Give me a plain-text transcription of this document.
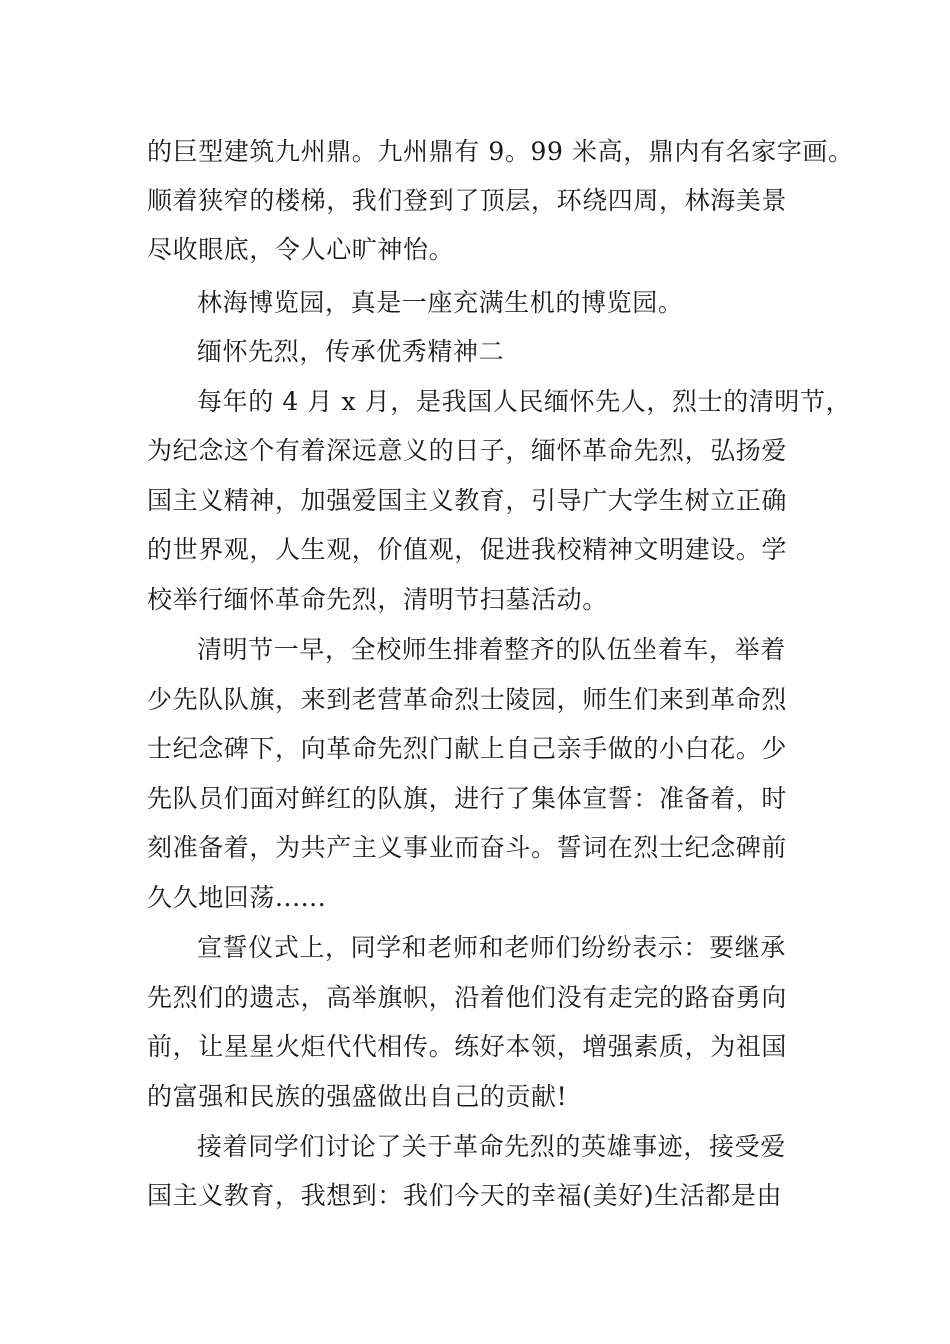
的巨型建筑九州鼎。九州鼎有 9。99 米高，鼎内有名家字画。
顺着狭窄的楼梯，我们登到了顶层，环绕四周，林海美景
尽收眼底，令人心旷神怡。
林海博览园，真是一座充满生机的博览园。
缅怀先烈，传承优秀精神二
每年的 4 月 x 月，是我国人民缅怀先人，烈士的清明节，
为纪念这个有着深远意义的日子，缅怀革命先烈，弘扬爱
国主义精神，加强爱国主义教育，引导广大学生树立正确
的世界观，人生观，价值观，促进我校精神文明建设。学
校举行缅怀革命先烈，清明节扫墓活动。
清明节一早，全校师生排着整齐的队伍坐着车，举着
少先队队旗，来到老营革命烈士陵园，师生们来到革命烈
士纪念碑下，向革命先烈门献上自己亲手做的小白花。少
先队员们面对鲜红的队旗，进行了集体宣誓：准备着，时
刻准备着，为共产主义事业而奋斗。誓词在烈士纪念碑前
久久地回荡......
宣誓仪式上，同学和老师和老师们纷纷表示：要继承
先烈们的遗志，高举旗帜，沿着他们没有走完的路奋勇向
前，让星星火炬代代相传。练好本领，增强素质，为祖国
的富强和民族的强盛做出自己的贡献!
接着同学们讨论了关于革命先烈的英雄事迹，接受爱
国主义教育，我想到：我们今天的幸福(美好)生活都是由
